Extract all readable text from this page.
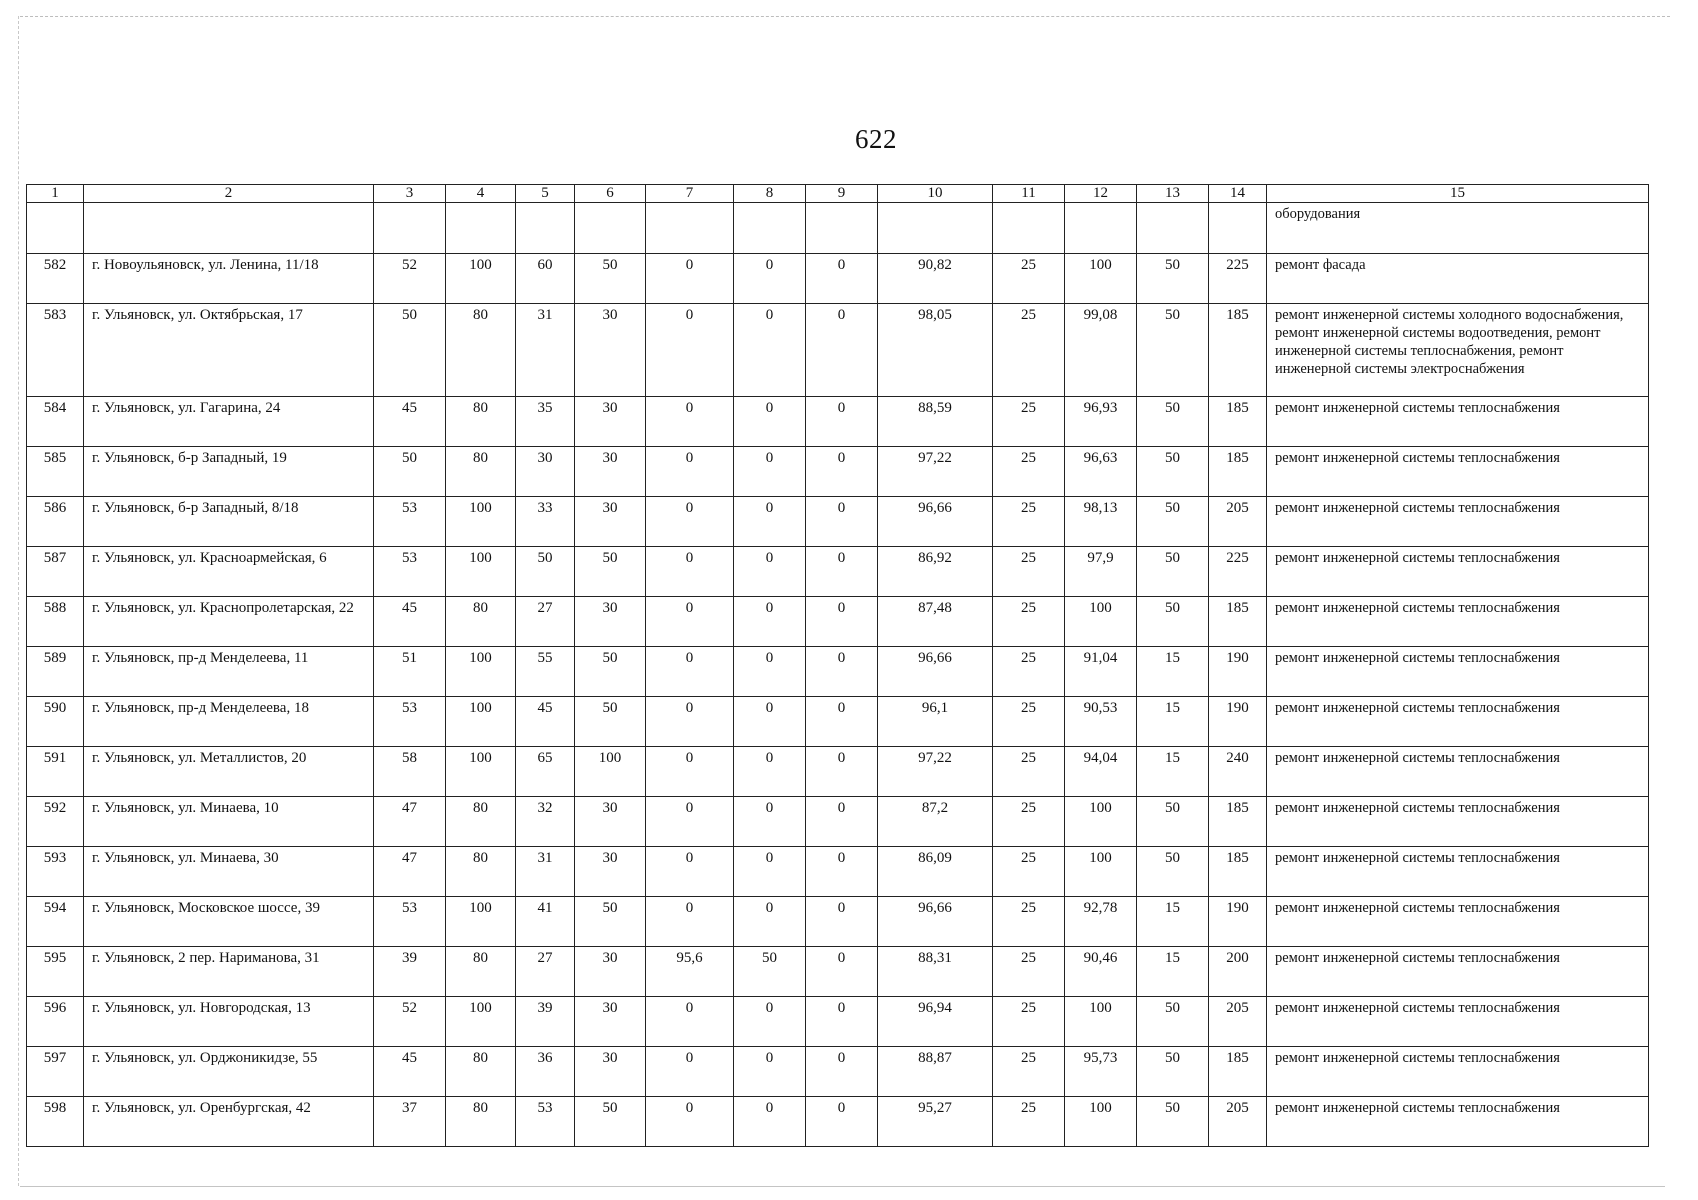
622
1	2	3	4	5	6	7	8	9	10	11	12	13	14	15
														оборудования
582	г. Новоульяновск, ул. Ленина, 11/18	52	100	60	50	0	0	0	90,82	25	100	50	225	ремонт фасада
583	г. Ульяновск, ул. Октябрьская, 17	50	80	31	30	0	0	0	98,05	25	99,08	50	185	ремонт инженерной системы холодного водоснабжения, ремонт инженерной системы водоотведения, ремонт инженерной системы теплоснабжения, ремонт инженерной системы электроснабжения
584	г. Ульяновск, ул. Гагарина, 24	45	80	35	30	0	0	0	88,59	25	96,93	50	185	ремонт инженерной системы теплоснабжения
585	г. Ульяновск, б-р Западный, 19	50	80	30	30	0	0	0	97,22	25	96,63	50	185	ремонт инженерной системы теплоснабжения
586	г. Ульяновск, б-р Западный, 8/18	53	100	33	30	0	0	0	96,66	25	98,13	50	205	ремонт инженерной системы теплоснабжения
587	г. Ульяновск, ул. Красноармейская, 6	53	100	50	50	0	0	0	86,92	25	97,9	50	225	ремонт инженерной системы теплоснабжения
588	г. Ульяновск, ул. Краснопролетарская, 22	45	80	27	30	0	0	0	87,48	25	100	50	185	ремонт инженерной системы теплоснабжения
589	г. Ульяновск, пр-д Менделеева, 11	51	100	55	50	0	0	0	96,66	25	91,04	15	190	ремонт инженерной системы теплоснабжения
590	г. Ульяновск, пр-д Менделеева, 18	53	100	45	50	0	0	0	96,1	25	90,53	15	190	ремонт инженерной системы теплоснабжения
591	г. Ульяновск, ул. Металлистов, 20	58	100	65	100	0	0	0	97,22	25	94,04	15	240	ремонт инженерной системы теплоснабжения
592	г. Ульяновск, ул. Минаева, 10	47	80	32	30	0	0	0	87,2	25	100	50	185	ремонт инженерной системы теплоснабжения
593	г. Ульяновск, ул. Минаева, 30	47	80	31	30	0	0	0	86,09	25	100	50	185	ремонт инженерной системы теплоснабжения
594	г. Ульяновск, Московское шоссе, 39	53	100	41	50	0	0	0	96,66	25	92,78	15	190	ремонт инженерной системы теплоснабжения
595	г. Ульяновск, 2 пер. Нариманова, 31	39	80	27	30	95,6	50	0	88,31	25	90,46	15	200	ремонт инженерной системы теплоснабжения
596	г. Ульяновск, ул. Новгородская, 13	52	100	39	30	0	0	0	96,94	25	100	50	205	ремонт инженерной системы теплоснабжения
597	г. Ульяновск, ул. Орджоникидзе, 55	45	80	36	30	0	0	0	88,87	25	95,73	50	185	ремонт инженерной системы теплоснабжения
598	г. Ульяновск, ул. Оренбургская, 42	37	80	53	50	0	0	0	95,27	25	100	50	205	ремонт инженерной системы теплоснабжения
